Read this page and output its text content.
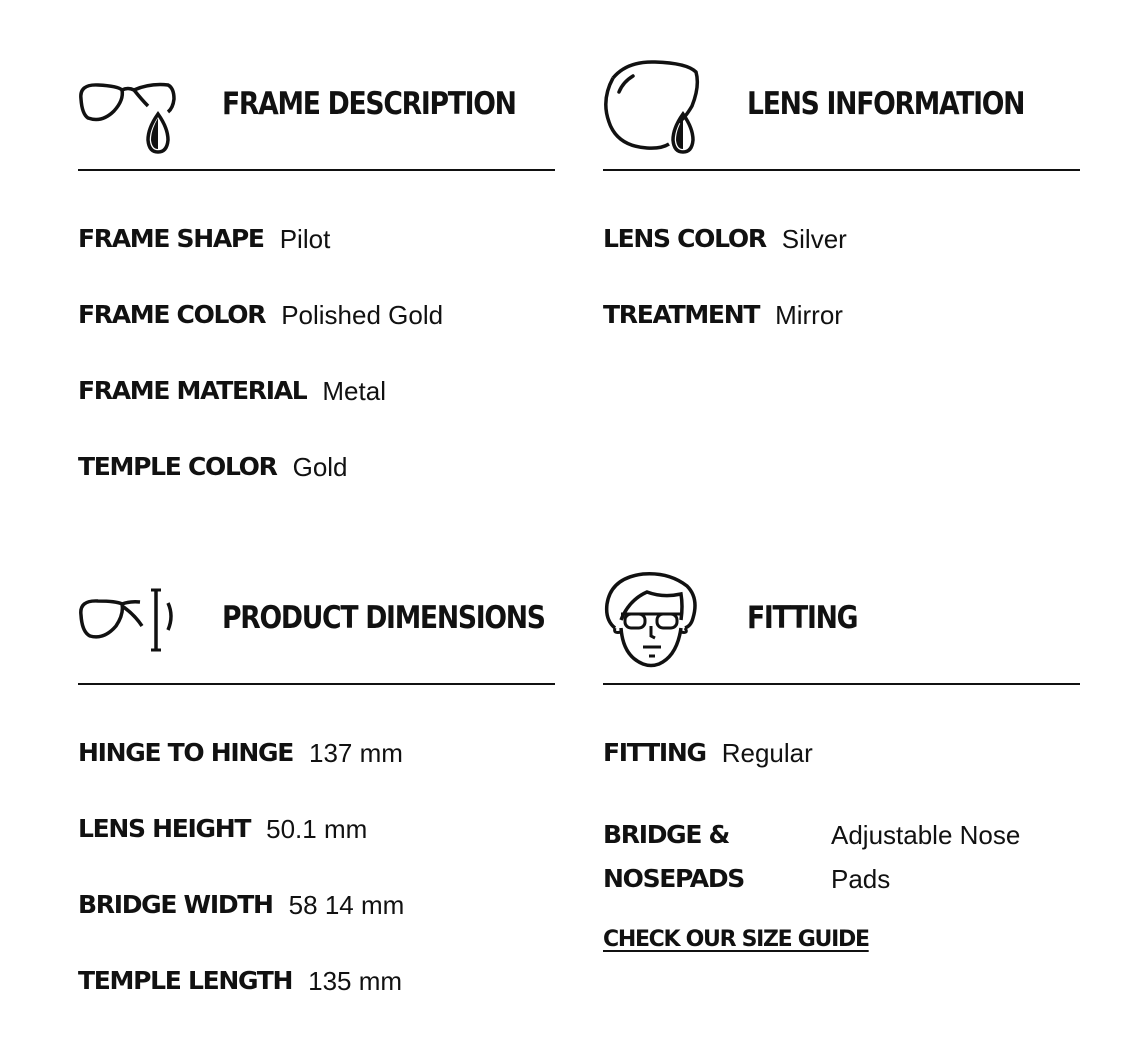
FRAME DESCRIPTION
FRAME SHAPE Pilot
FRAME COLOR Polished Gold
FRAME MATERIAL Metal
TEMPLE COLOR Gold
LENS INFORMATION
LENS COLOR Silver
TREATMENT Mirror
PRODUCT DIMENSIONS
HINGE TO HINGE 137 mm
LENS HEIGHT 50.1 mm
BRIDGE WIDTH 58 14 mm
TEMPLE LENGTH 135 mm
FITTING
FITTING Regular
BRIDGE & NOSEPADS
Adjustable Nose Pads
CHECK OUR SIZE GUIDE
